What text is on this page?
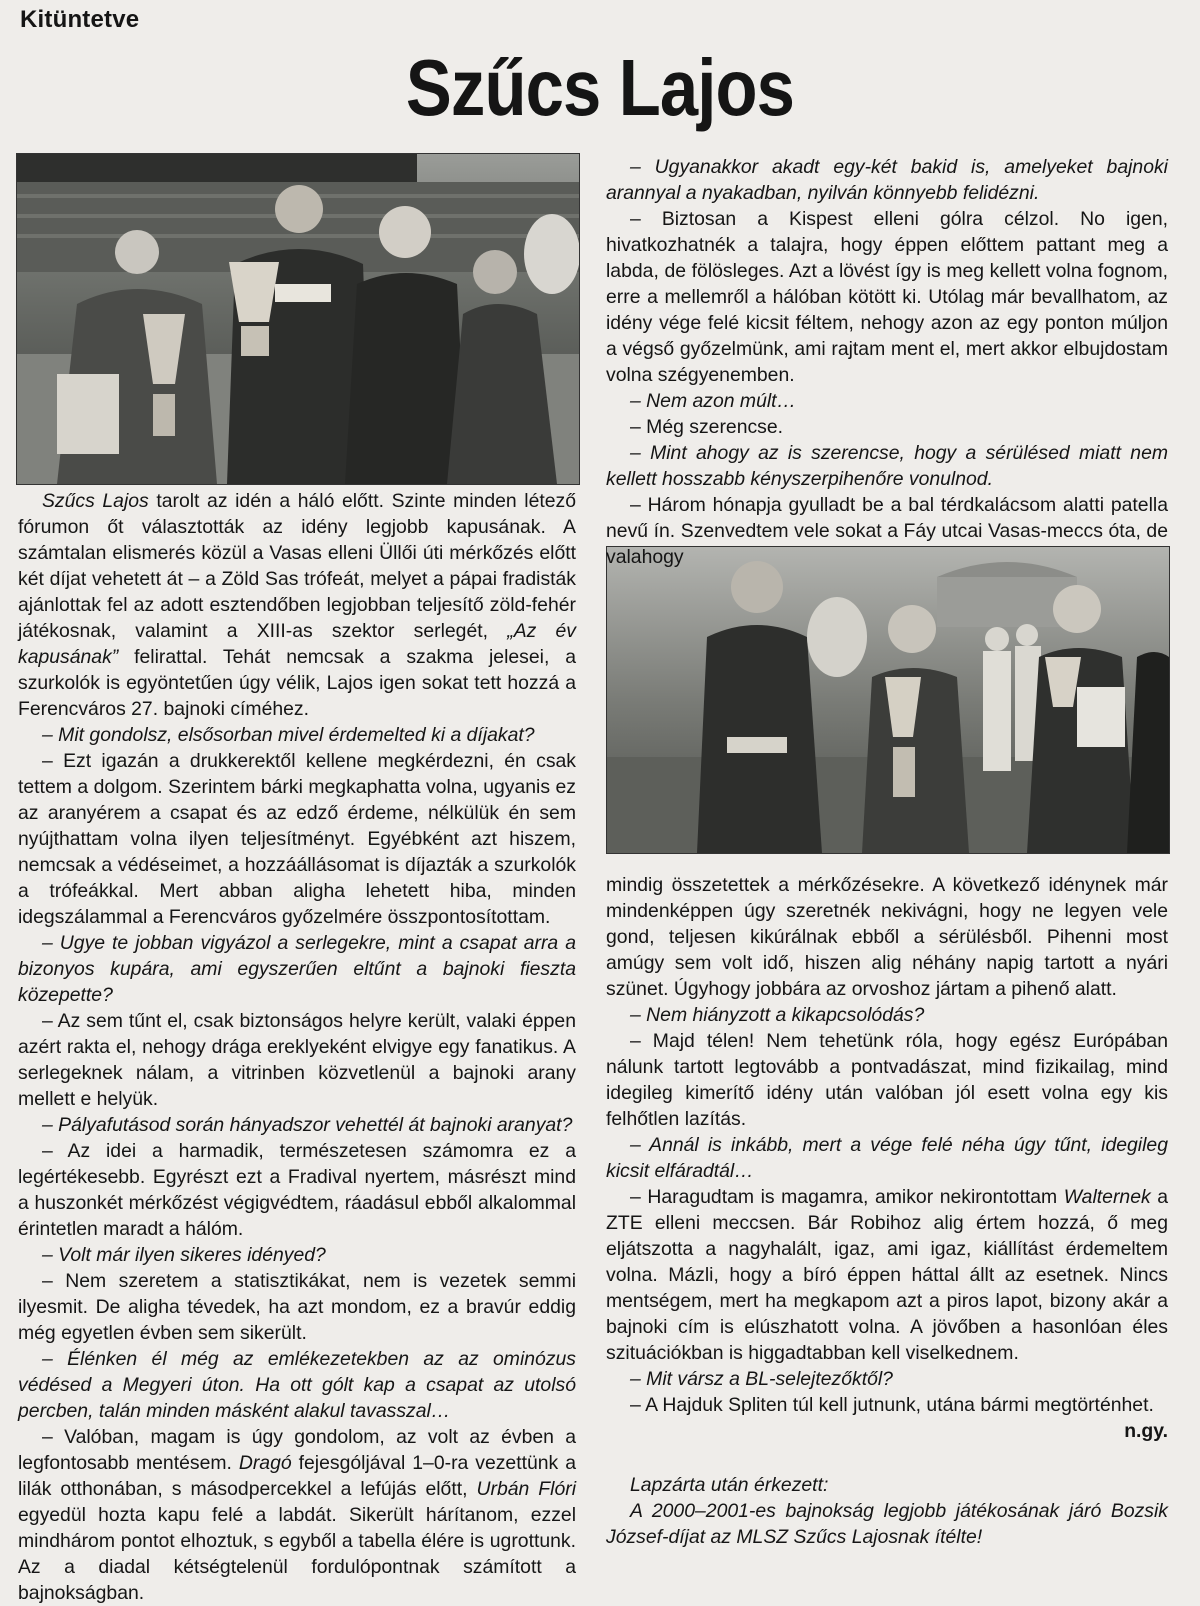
Kitüntetve
Szűcs Lajos

Szűcs Lajos tarolt az idén a háló előtt. Szinte minden létező fórumon őt választották az idény legjobb kapusának. A számtalan elismerés közül a Vasas elleni Üllői úti mérkőzés előtt két díjat vehetett át – a Zöld Sas trófeát, melyet a pápai fradisták ajánlottak fel az adott esztendőben legjobban teljesítő zöld-fehér játékosnak, valamint a XIII-as szektor serlegét, „Az év kapusának” felirattal. Tehát nemcsak a szakma jelesei, a szurkolók is egyöntetűen úgy vélik, Lajos igen sokat tett hozzá a Ferencváros 27. bajnoki címéhez.

– Mit gondolsz, elsősorban mivel érdemelted ki a díjakat?

– Ezt igazán a drukkerektől kellene megkérdezni, én csak tettem a dolgom. Szerintem bárki megkaphatta volna, ugyanis ez az aranyérem a csapat és az edző érdeme, nélkülük én sem nyújthattam volna ilyen teljesítményt. Egyébként azt hiszem, nemcsak a védéseimet, a hozzáállásomat is díjazták a szurkolók a trófeákkal. Mert abban aligha lehetett hiba, minden idegszálammal a Ferencváros győzelmére összpontosítottam.

– Ugye te jobban vigyázol a serlegekre, mint a csapat arra a bizonyos kupára, ami egyszerűen eltűnt a bajnoki fieszta közepette?

– Az sem tűnt el, csak biztonságos helyre került, valaki éppen azért rakta el, nehogy drága ereklyeként elvigye egy fanatikus. A serlegeknek nálam, a vitrinben közvetlenül a bajnoki arany mellett e helyük.

– Pályafutásod során hányadszor vehettél át bajnoki aranyat?

– Az idei a harmadik, természetesen számomra ez a legértékesebb. Egyrészt ezt a Fradival nyertem, másrészt mind a huszonkét mérkőzést végigvédtem, ráadásul ebből alkalommal érintetlen maradt a hálóm.

– Volt már ilyen sikeres idényed?

– Nem szeretem a statisztikákat, nem is vezetek semmi ilyesmit. De aligha tévedek, ha azt mondom, ez a bravúr eddig még egyetlen évben sem sikerült.

– Élénken él még az emlékezetekben az az ominózus védésed a Megyeri úton. Ha ott gólt kap a csapat az utolsó percben, talán minden másként alakul tavasszal…

– Valóban, magam is úgy gondolom, az volt az évben a legfontosabb mentésem. Dragó fejesgóljával 1–0-ra vezettünk a lilák otthonában, s másodpercekkel a lefújás előtt, Urbán Flóri egyedül hozta kapu felé a labdát. Sikerült hárítanom, ezzel mindhárom pontot elhoztuk, s egyből a tabella élére is ugrottunk. Az a diadal kétségtelenül fordulópontnak számított a bajnokságban.

– Ugyanakkor akadt egy-két bakid is, amelyeket bajnoki arannyal a nyakadban, nyilván könnyebb felidézni.

– Biztosan a Kispest elleni gólra célzol. No igen, hivatkozhatnék a talajra, hogy éppen előttem pattant meg a labda, de fölösleges. Azt a lövést így is meg kellett volna fognom, erre a mellemről a hálóban kötött ki. Utólag már bevallhatom, az idény vége felé kicsit féltem, nehogy azon az egy ponton múljon a végső győzelmünk, ami rajtam ment el, mert akkor elbujdostam volna szégyenemben.

– Nem azon múlt…

– Még szerencse.

– Mint ahogy az is szerencse, hogy a sérülésed miatt nem kellett hosszabb kényszerpihenőre vonulnod.

– Három hónapja gyulladt be a bal térdkalácsom alatti patella nevű ín. Szenvedtem vele sokat a Fáy utcai Vasas-meccs óta, de valahogy

mindig összetettek a mérkőzésekre. A következő idénynek már mindenképpen úgy szeretnék nekivágni, hogy ne legyen vele gond, teljesen kikúrálnak ebből a sérülésből. Pihenni most amúgy sem volt idő, hiszen alig néhány napig tartott a nyári szünet. Úgyhogy jobbára az orvoshoz jártam a pihenő alatt.

– Nem hiányzott a kikapcsolódás?

– Majd télen! Nem tehetünk róla, hogy egész Európában nálunk tartott legtovább a pontvadászat, mind fizikailag, mind idegileg kimerítő idény után valóban jól esett volna egy kis felhőtlen lazítás.

– Annál is inkább, mert a vége felé néha úgy tűnt, idegileg kicsit elfáradtál…

– Haragudtam is magamra, amikor nekirontottam Walternek a ZTE elleni meccsen. Bár Robihoz alig értem hozzá, ő meg eljátszotta a nagyhalált, igaz, ami igaz, kiállítást érdemeltem volna. Mázli, hogy a bíró éppen háttal állt az esetnek. Nincs mentségem, mert ha megkapom azt a piros lapot, bizony akár a bajnoki cím is elúszhatott volna. A jövőben a hasonlóan éles szituációkban is higgadtabban kell viselkednem.

– Mit vársz a BL-selejtezőktől?

– A Hajduk Spliten túl kell jutnunk, utána bármi megtörténhet.

n.gy.

Lapzárta után érkezett:

A 2000–2001-es bajnokság legjobb játékosának járó Bozsik József-díjat az MLSZ Szűcs Lajosnak ítélte!
